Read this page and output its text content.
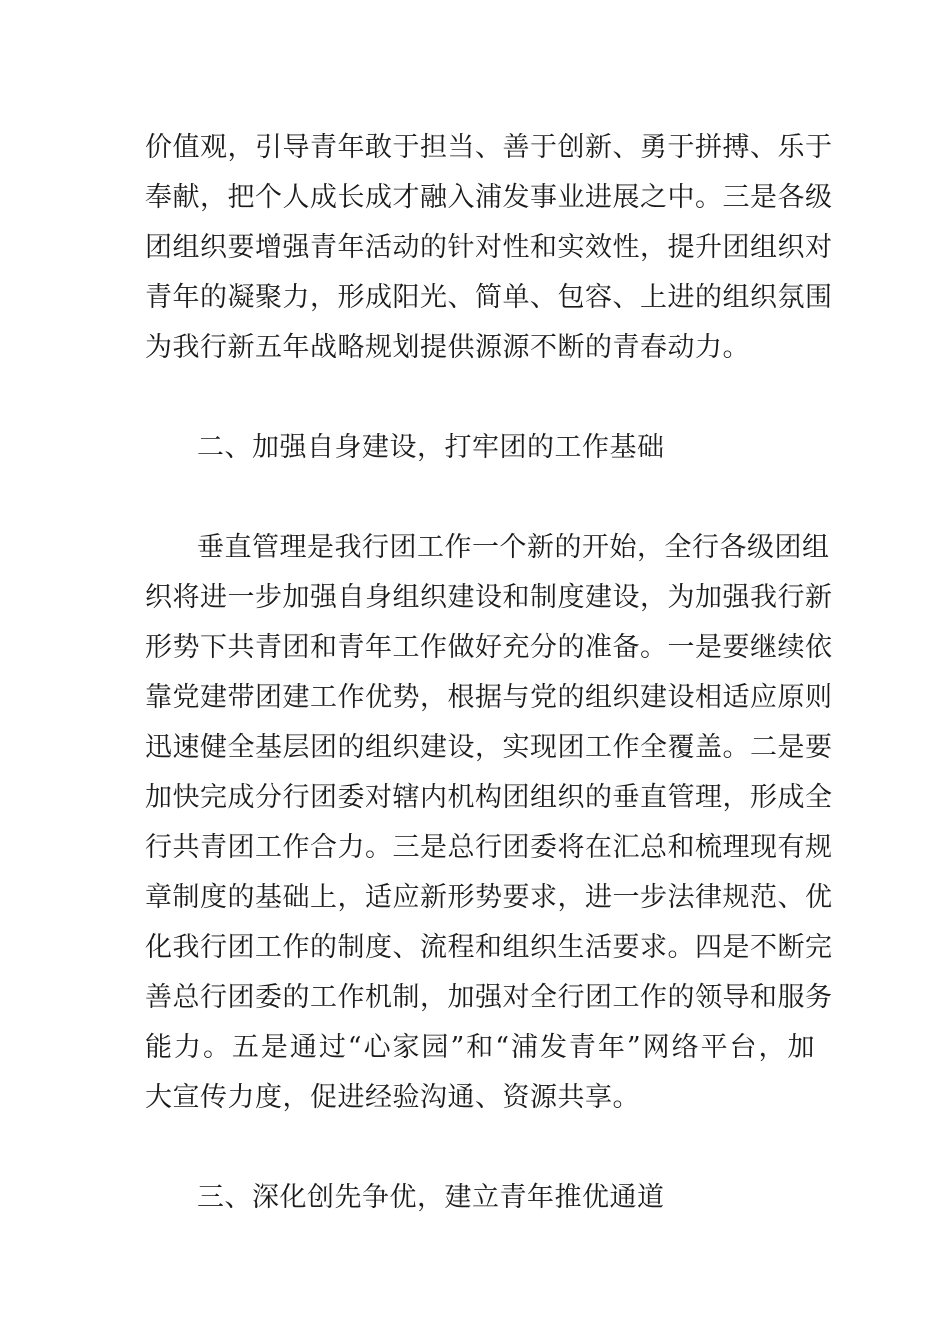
价值观，引导青年敢于担当、善于创新、勇于拼搏、乐于
奉献，把个人成长成才融入浦发事业进展之中。三是各级
团组织要增强青年活动的针对性和实效性，提升团组织对
青年的凝聚力，形成阳光、简单、包容、上进的组织氛围
为我行新五年战略规划提供源源不断的青春动力。
二、加强自身建设，打牢团的工作基础
垂直管理是我行团工作一个新的开始，全行各级团组
织将进一步加强自身组织建设和制度建设，为加强我行新
形势下共青团和青年工作做好充分的准备。一是要继续依
靠党建带团建工作优势，根据与党的组织建设相适应原则
迅速健全基层团的组织建设，实现团工作全覆盖。二是要
加快完成分行团委对辖内机构团组织的垂直管理，形成全
行共青团工作合力。三是总行团委将在汇总和梳理现有规
章制度的基础上，适应新形势要求，进一步法律规范、优
化我行团工作的制度、流程和组织生活要求。四是不断完
善总行团委的工作机制，加强对全行团工作的领导和服务
能力。五是通过“心家园”和“浦发青年”网络平台，加
大宣传力度，促进经验沟通、资源共享。
三、深化创先争优，建立青年推优通道
